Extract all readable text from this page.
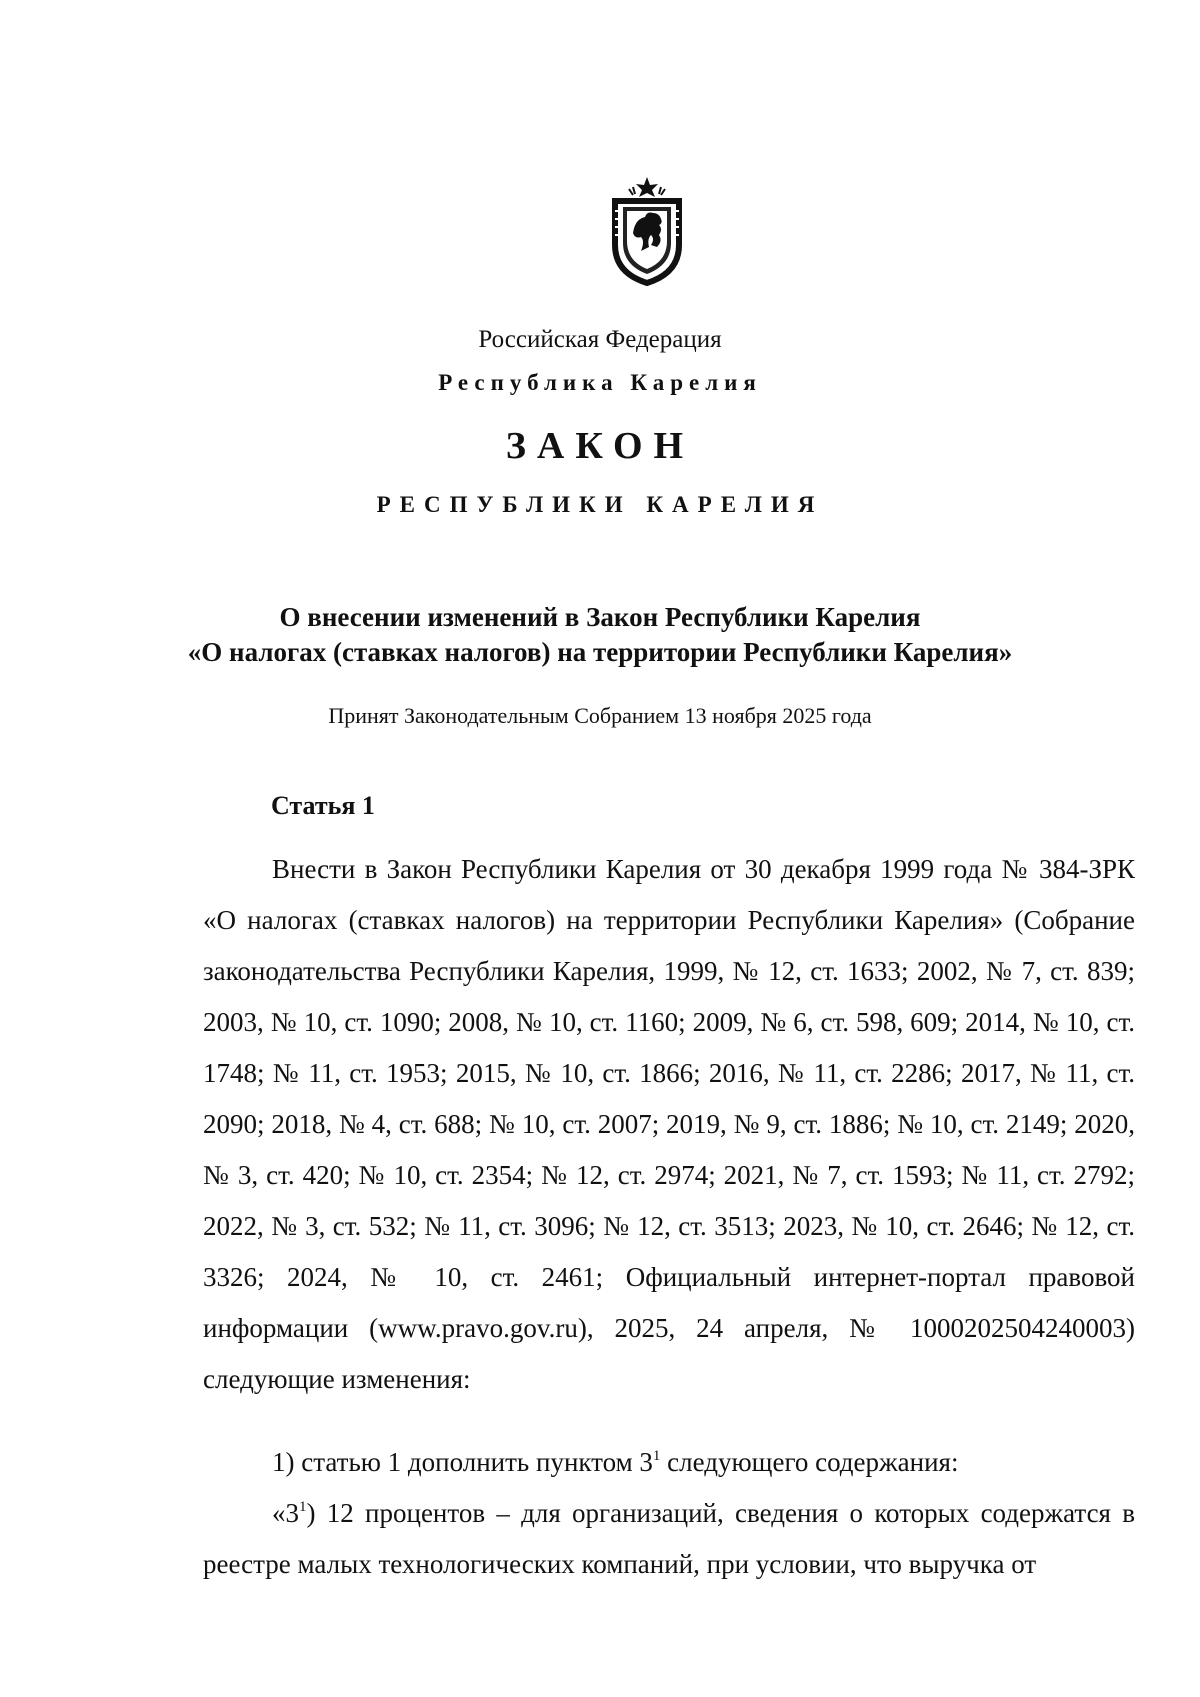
Российская Федерация
Республика Карелия
ЗАКОН
РЕСПУБЛИКИ КАРЕЛИЯ
О внесении изменений в Закон Республики Карелия
«О налогах (ставках налогов) на территории Республики Карелия»
Принят Законодательным Собранием 13 ноября 2025 года
Статья 1

Внести в Закон Республики Карелия от 30 декабря 1999 года № 384-ЗРК «О налогах (ставках налогов) на территории Республики Карелия» (Собрание законодательства Республики Карелия, 1999, № 12, ст. 1633; 2002, № 7, ст. 839; 2003, № 10, ст. 1090; 2008, № 10, ст. 1160; 2009, № 6, ст. 598, 609; 2014, № 10, ст. 1748; № 11, ст. 1953; 2015, № 10, ст. 1866; 2016, № 11, ст. 2286; 2017, № 11, ст. 2090; 2018, № 4, ст. 688; № 10, ст. 2007; 2019, № 9, ст. 1886; № 10, ст. 2149; 2020, № 3, ст. 420; № 10, ст. 2354; № 12, ст. 2974; 2021, № 7, ст. 1593; № 11, ст. 2792; 2022, № 3, ст. 532; № 11, ст. 3096; № 12, ст. 3513; 2023, № 10, ст. 2646; № 12, ст. 3326; 2024, № 10, ст. 2461; Официальный интернет-портал правовой информации (www.pravo.gov.ru), 2025, 24 апреля, № 1000202504240003) следующие изменения:

1) статью 1 дополнить пунктом $3^1$ следующего содержания:

«$3^1$) 12 процентов – для организаций, сведения о которых содержатся в реестре малых технологических компаний, при условии, что выручка от
